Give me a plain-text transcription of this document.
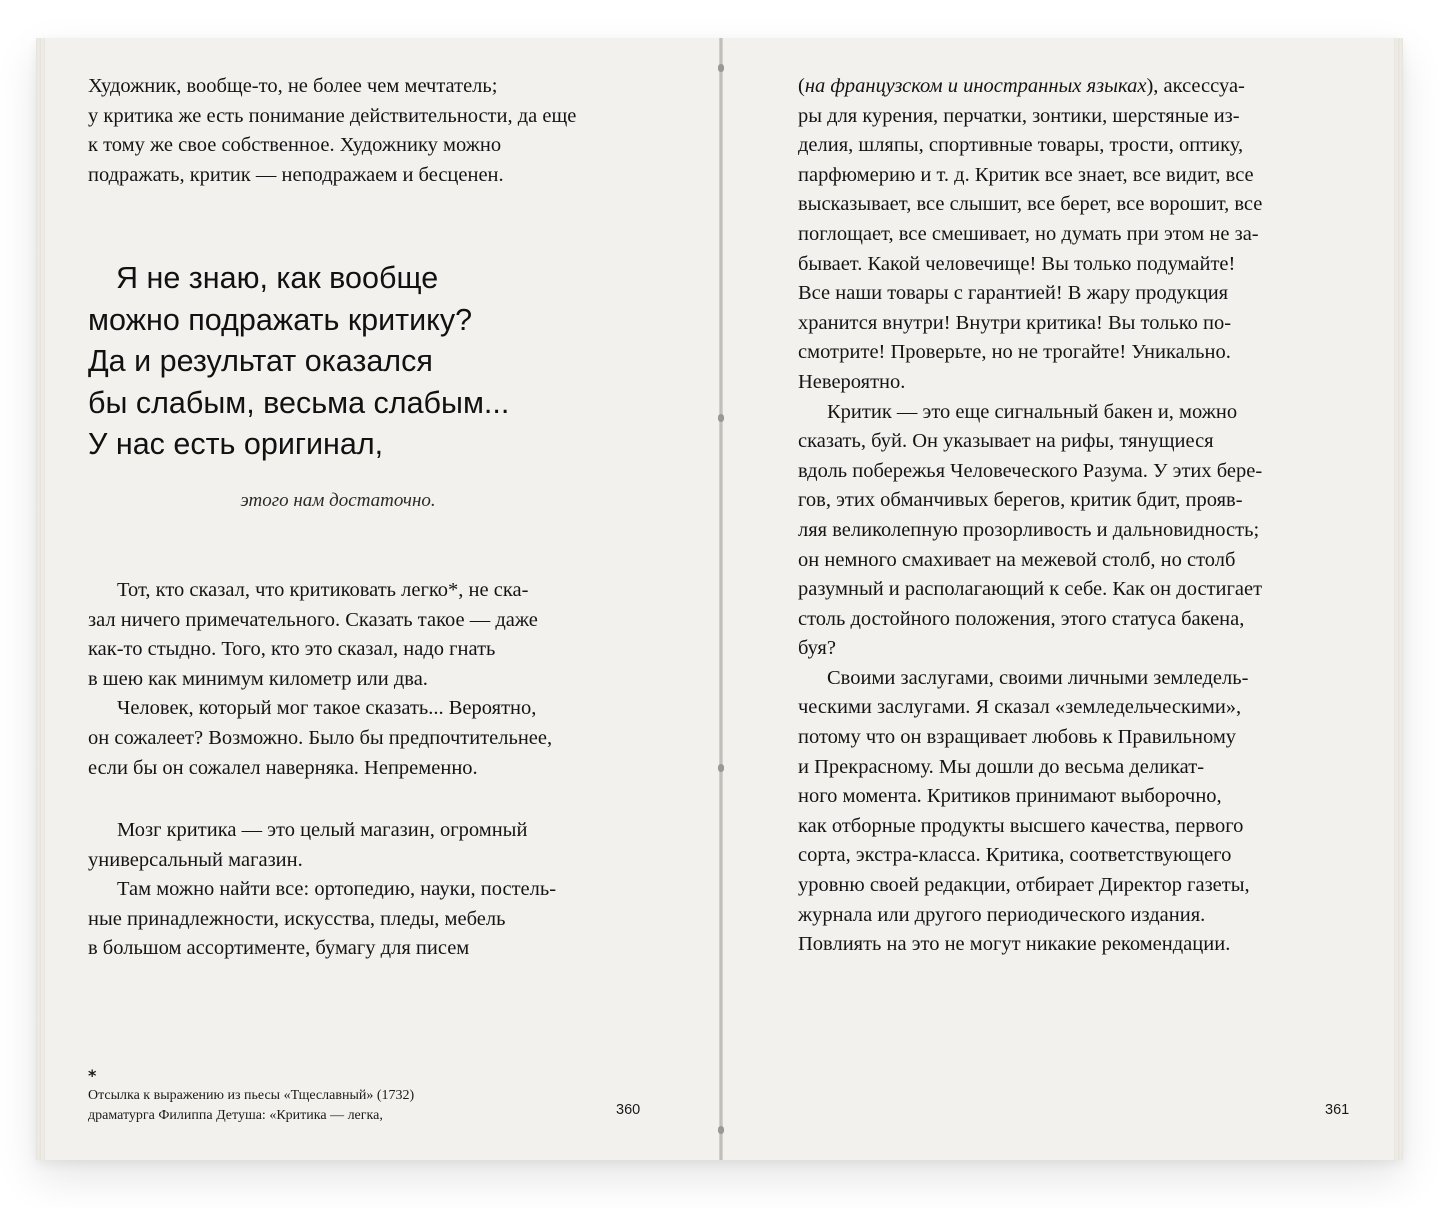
Художник, вообще-то, не более чем мечтатель;
у критика же есть понимание действительности, да еще
к тому же свое собственное. Художнику можно
подражать, критик — неподражаем и бесценен.
Я не знаю, как вообще
можно подражать критику?
Да и результат оказался
бы слабым, весьма слабым...
У нас есть оригинал,
этого нам достаточно.
Тот, кто сказал, что критиковать легко*, не ска-
зал ничего примечательного. Сказать такое — даже
как-то стыдно. Того, кто это сказал, надо гнать
в шею как минимум километр или два.
Человек, который мог такое сказать... Вероятно,
он сожалеет? Возможно. Было бы предпочтительнее,
если бы он сожалел наверняка. Непременно.
Мозг критика — это целый магазин, огромный
универсальный магазин.
Там можно найти все: ортопедию, науки, постель-
ные принадлежности, искусства, пледы, мебель
в большом ассортименте, бумагу для писем
*
Отсылка к выражению из пьесы «Тщеславный» (1732)
драматурга Филиппа Детуша: «Критика — легка,	360
(на французском и иностранных языках), аксессуа-
ры для курения, перчатки, зонтики, шерстяные из-
делия, шляпы, спортивные товары, трости, оптику,
парфюмерию и т. д. Критик все знает, все видит, все
высказывает, все слышит, все берет, все ворошит, все
поглощает, все смешивает, но думать при этом не за-
бывает. Какой человечище! Вы только подумайте!
Все наши товары с гарантией! В жару продукция
хранится внутри! Внутри критика! Вы только по-
смотрите! Проверьте, но не трогайте! Уникально.
Невероятно.
Критик — это еще сигнальный бакен и, можно
сказать, буй. Он указывает на рифы, тянущиеся
вдоль побережья Человеческого Разума. У этих бере-
гов, этих обманчивых берегов, критик бдит, прояв-
ляя великолепную прозорливость и дальновидность;
он немного смахивает на межевой столб, но столб
разумный и располагающий к себе. Как он достигает
столь достойного положения, этого статуса бакена,
буя?
Своими заслугами, своими личными земледель-
ческими заслугами. Я сказал «земледельческими»,
потому что он взращивает любовь к Правильному
и Прекрасному. Мы дошли до весьма деликат-
ного момента. Критиков принимают выборочно,
как отборные продукты высшего качества, первого
сорта, экстра-класса. Критика, соответствующего
уровню своей редакции, отбирает Директор газеты,
журнала или другого периодического издания.
Повлиять на это не могут никакие рекомендации.
361
